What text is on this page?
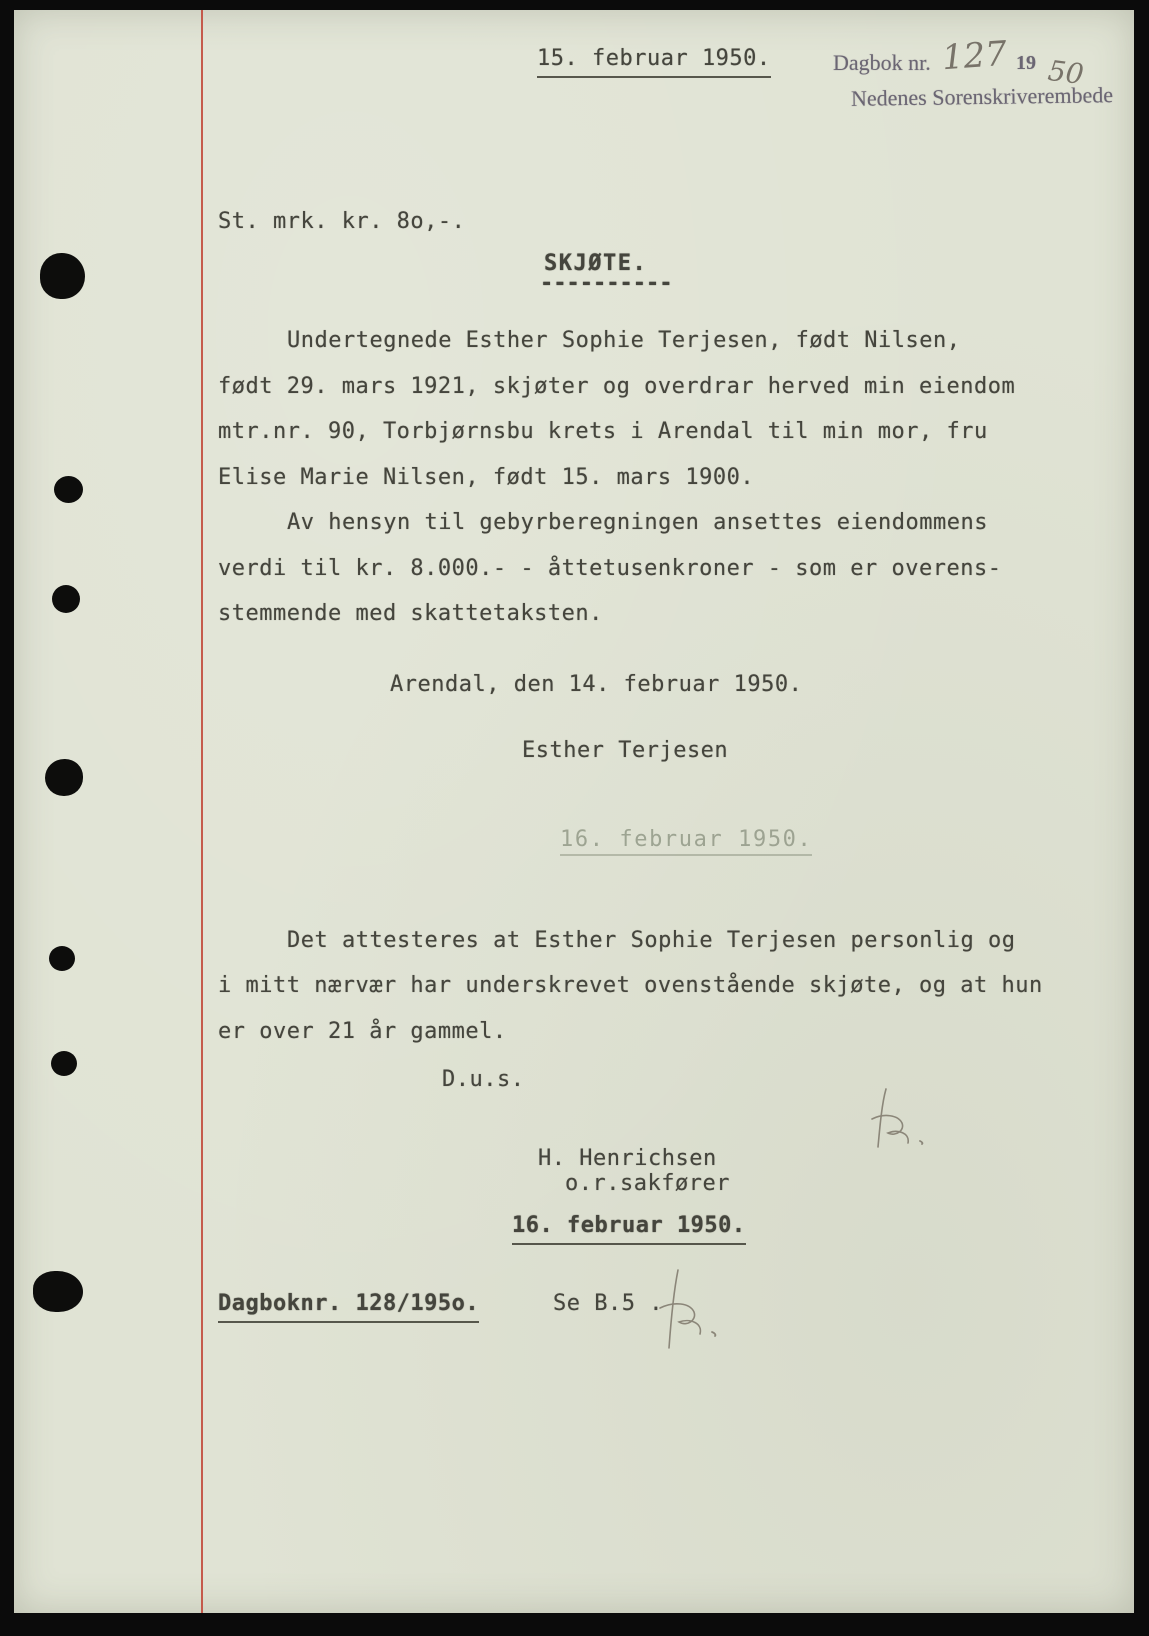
15. februar 1950.	Dagbok nr. 127 19 50
Nedenes Sorenskriverembede
St. mrk. kr. 8o,-.
SKJØTE.
----------
Undertegnede Esther Sophie Terjesen, født Nilsen,
født 29. mars 1921, skjøter og overdrar herved min eiendom
mtr.nr. 90, Torbjørnsbu krets i Arendal til min mor, fru
Elise Marie Nilsen, født 15. mars 1900.
Av hensyn til gebyrberegningen ansettes eiendommens
verdi til kr. 8.000.- - åttetusenkroner - som er overens-
stemmende med skattetaksten.
Arendal, den 14. februar 1950.
Esther Terjesen
16. februar 1950.
Det attesteres at Esther Sophie Terjesen personlig og
i mitt nærvær har underskrevet ovenstående skjøte, og at hun
er over 21 år gammel.
D.u.s.
H. Henrichsen
o.r.sakfører
16. februar 1950.
Dagboknr. 128/195o.	Se B.5 .
